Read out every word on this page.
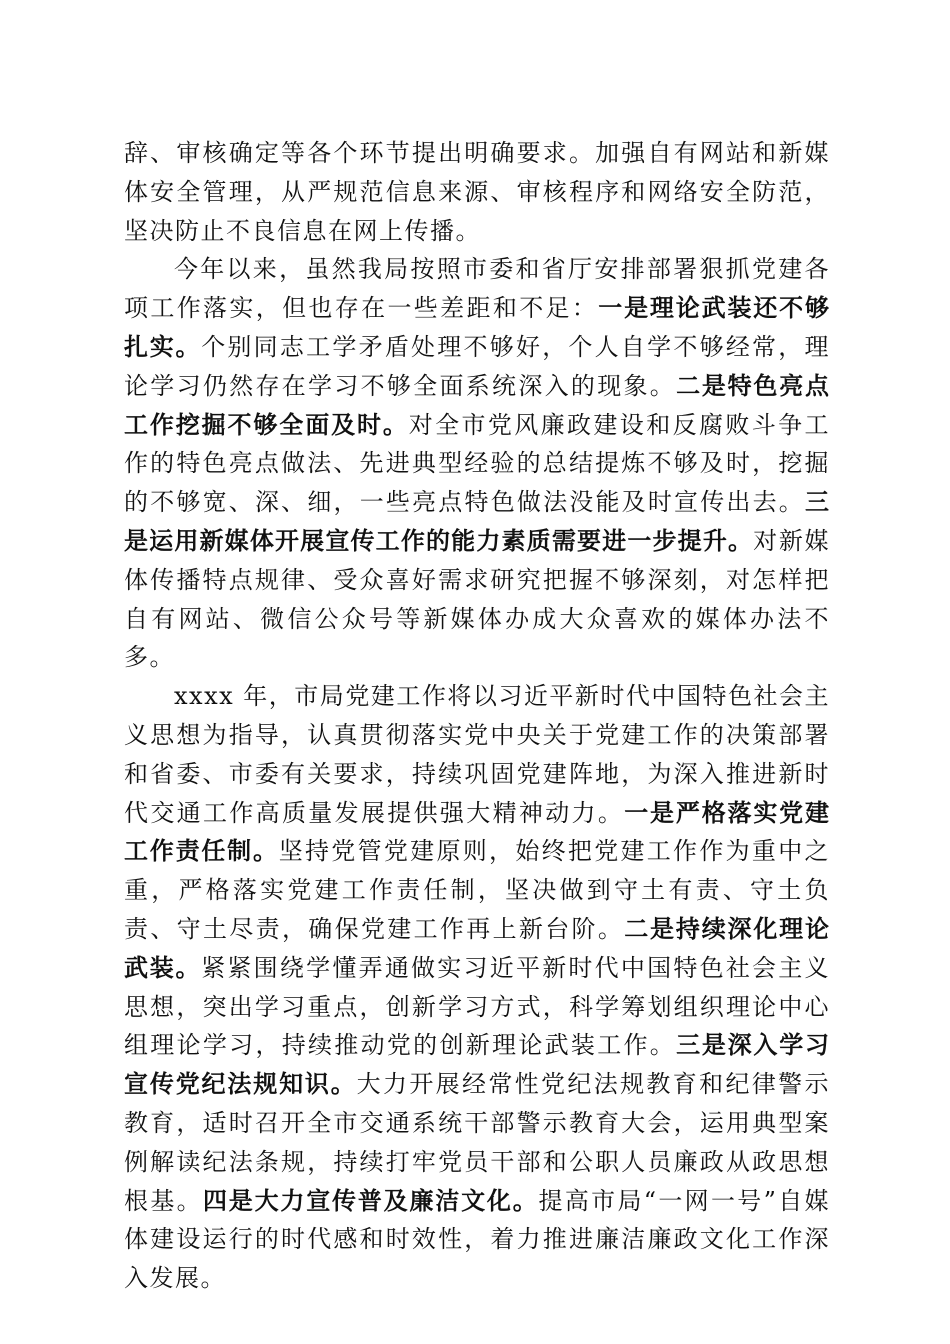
辞、审核确定等各个环节提出明确要求。加强自有网站和新媒体安全管理，从严规范信息来源、审核程序和网络安全防范，坚决防止不良信息在网上传播。

今年以来，虽然我局按照市委和省厅安排部署狠抓党建各项工作落实，但也存在一些差距和不足：一是理论武装还不够扎实。个别同志工学矛盾处理不够好，个人自学不够经常，理论学习仍然存在学习不够全面系统深入的现象。二是特色亮点工作挖掘不够全面及时。对全市党风廉政建设和反腐败斗争工作的特色亮点做法、先进典型经验的总结提炼不够及时，挖掘的不够宽、深、细，一些亮点特色做法没能及时宣传出去。三是运用新媒体开展宣传工作的能力素质需要进一步提升。对新媒体传播特点规律、受众喜好需求研究把握不够深刻，对怎样把自有网站、微信公众号等新媒体办成大众喜欢的媒体办法不多。

xxxx 年，市局党建工作将以习近平新时代中国特色社会主义思想为指导，认真贯彻落实党中央关于党建工作的决策部署和省委、市委有关要求，持续巩固党建阵地，为深入推进新时代交通工作高质量发展提供强大精神动力。一是严格落实党建工作责任制。坚持党管党建原则，始终把党建工作作为重中之重，严格落实党建工作责任制，坚决做到守土有责、守土负责、守土尽责，确保党建工作再上新台阶。二是持续深化理论武装。紧紧围绕学懂弄通做实习近平新时代中国特色社会主义思想，突出学习重点，创新学习方式，科学筹划组织理论中心组理论学习，持续推动党的创新理论武装工作。三是深入学习宣传党纪法规知识。大力开展经常性党纪法规教育和纪律警示教育，适时召开全市交通系统干部警示教育大会，运用典型案例解读纪法条规，持续打牢党员干部和公职人员廉政从政思想根基。四是大力宣传普及廉洁文化。提高市局“一网一号”自媒体建设运行的时代感和时效性，着力推进廉洁廉政文化工作深入发展。
